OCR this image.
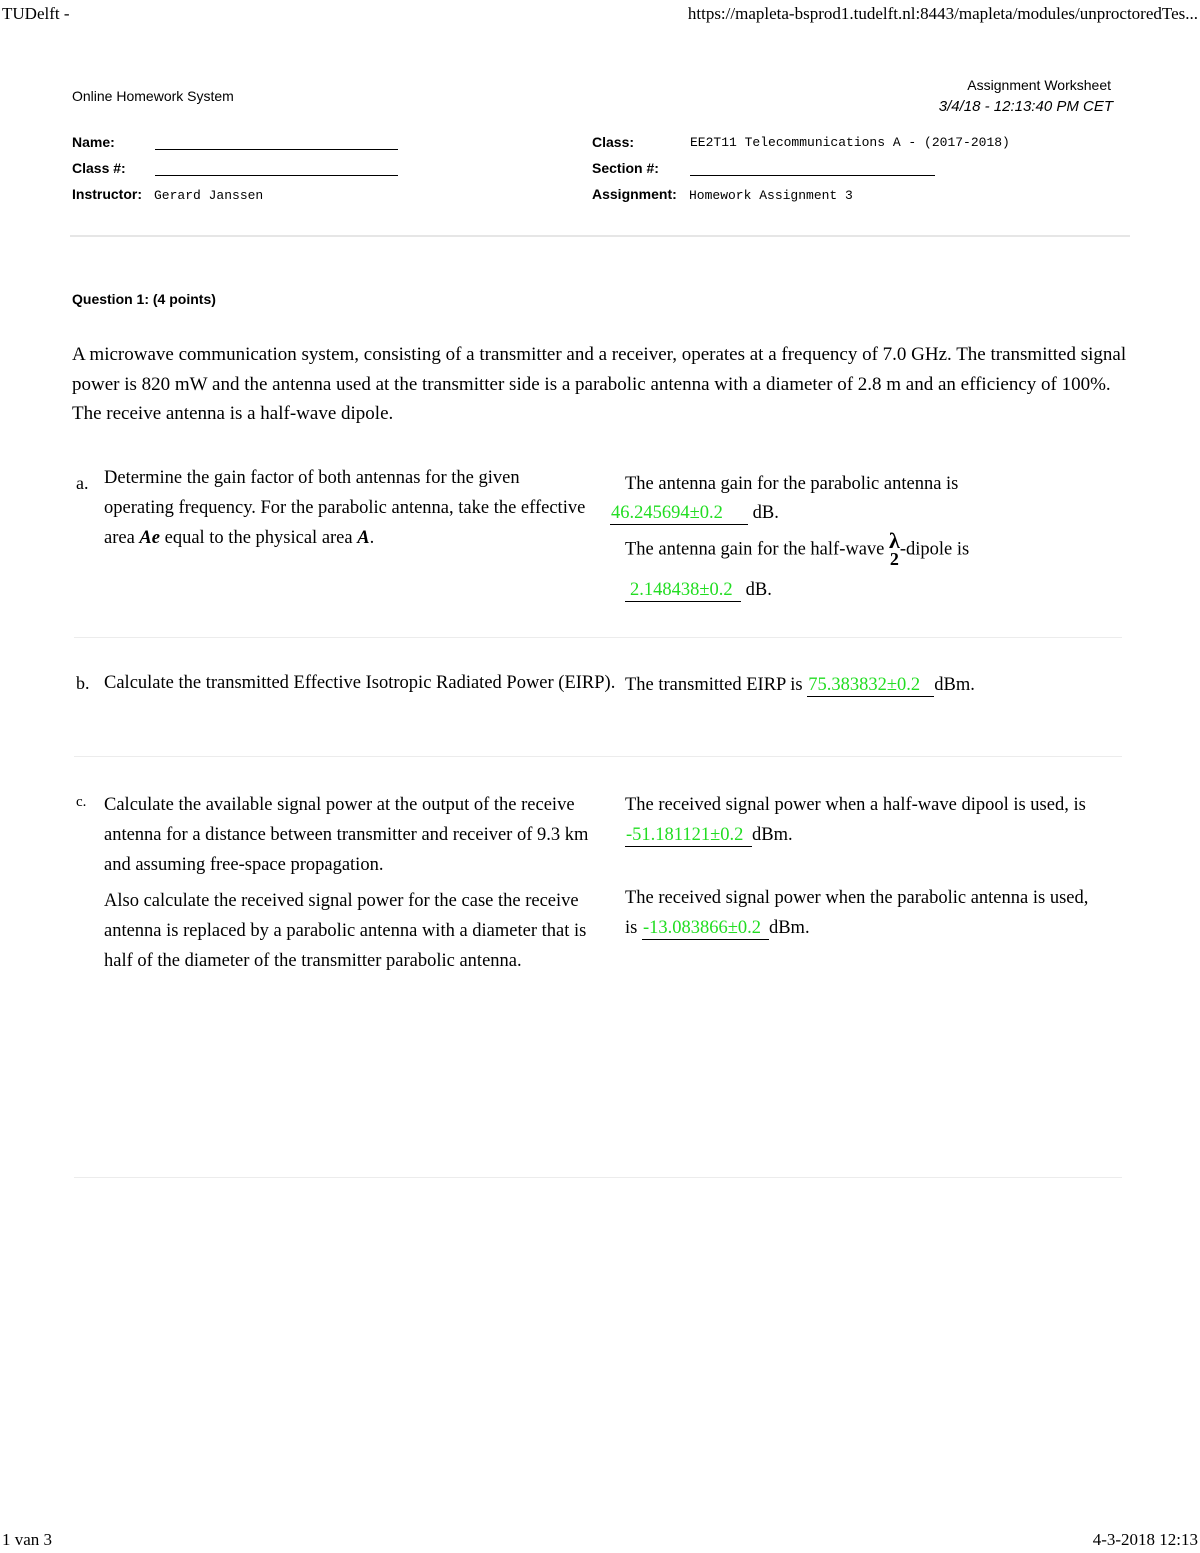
TUDelft -	https://mapleta-bsprod1.tudelft.nl:8443/mapleta/modules/unproctoredTes...
Online Homework System
Assignment Worksheet
3/4/18 - 12:13:40 PM CET
Name:
Class #:
Instructor: Gerard Janssen
Class:	EE2T11 Telecommunications A - (2017-2018)
Section #:
Assignment: Homework Assignment 3
Question 1: (4 points)
A microwave communication system, consisting of a transmitter and a receiver, operates at a frequency of 7.0 GHz. The transmitted signal power is 820 mW and the antenna used at the transmitter side is a parabolic antenna with a diameter of 2.8 m and an efficiency of 100%. The receive antenna is a half-wave dipole.
a. Determine the gain factor of both antennas for the given operating frequency. For the parabolic antenna, take the effective area Ae equal to the physical area A.
The antenna gain for the parabolic antenna is
46.245694±0.2 dB.
The antenna gain for the half-wave λ
2 -dipole is
2.148438±0.2 dB.
b. Calculate the transmitted Effective Isotropic Radiated Power (EIRP). The transmitted EIRP is 75.383832±0.2 dBm.
c. Calculate the available signal power at the output of the receive antenna for a distance between transmitter and receiver of 9.3 km and assuming free-space propagation.
Also calculate the received signal power for the case the receive antenna is replaced by a parabolic antenna with a diameter that is half of the diameter of the transmitter parabolic antenna.
The received signal power when a half-wave dipool is used, is -51.181121±0.2 dBm.
The received signal power when the parabolic antenna is used, is -13.083866±0.2 dBm.
1 van 3	4-3-2018 12:13
